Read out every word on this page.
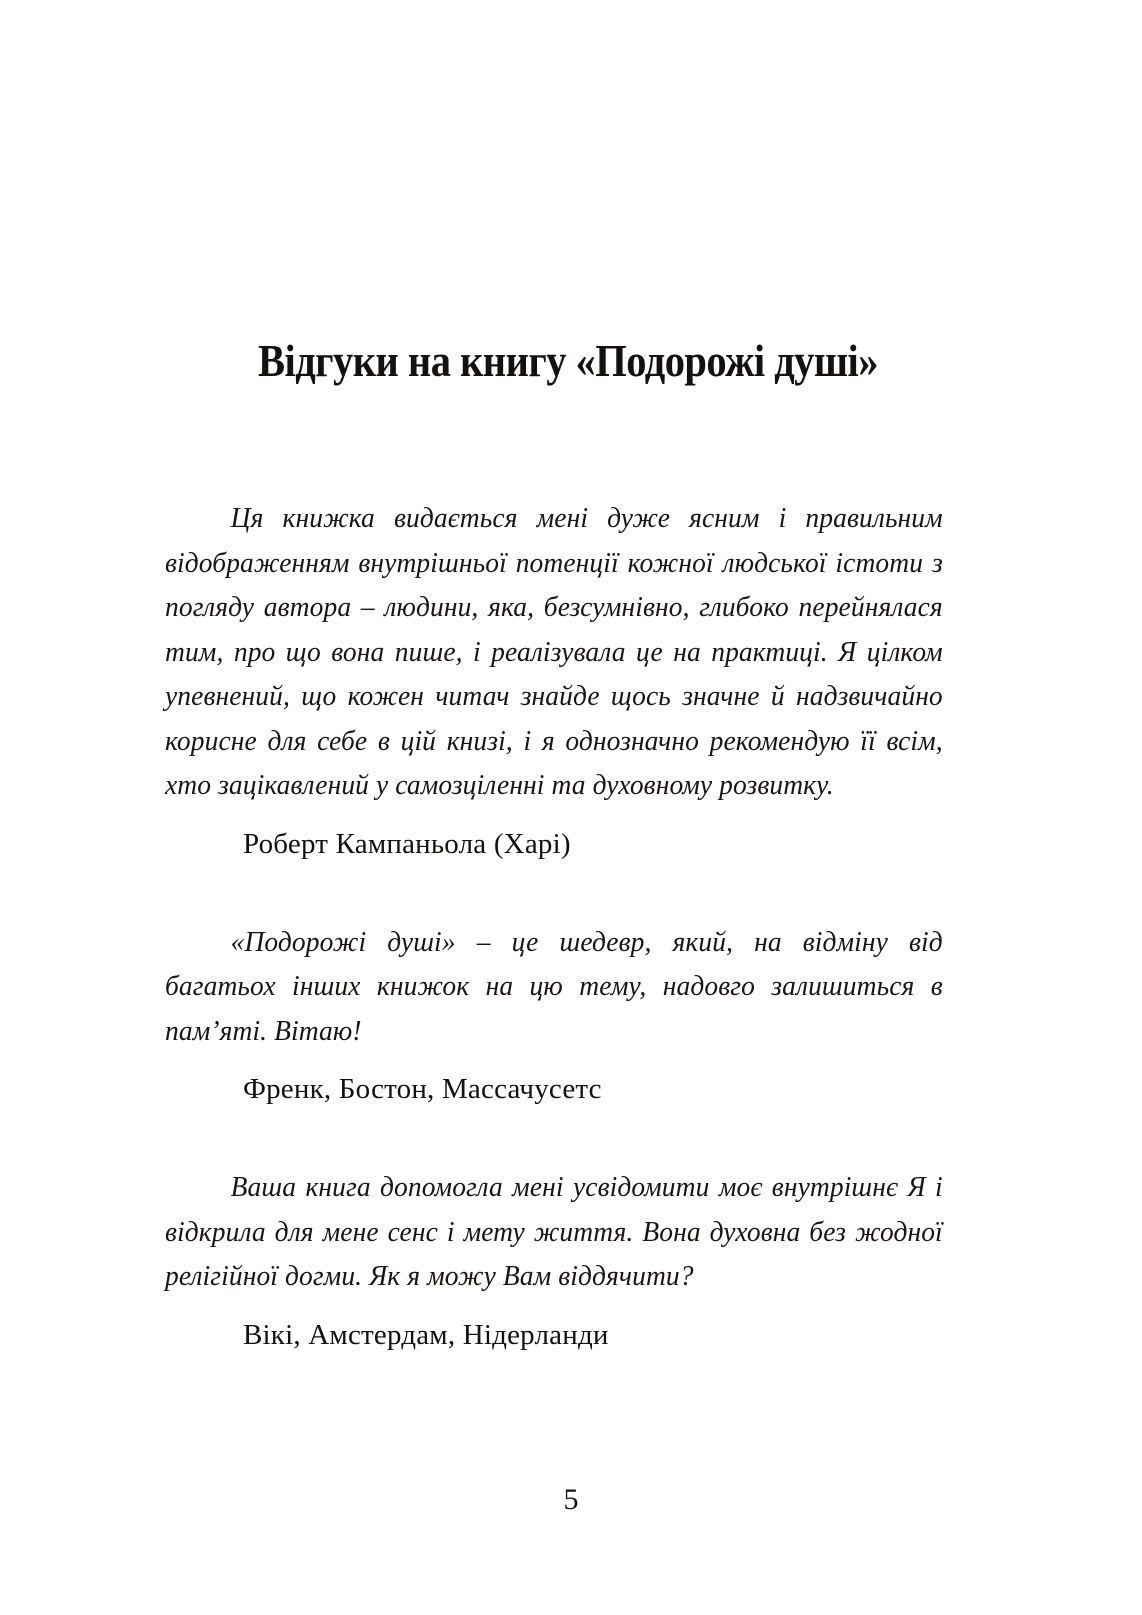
Відгуки на книгу «Подорожі душі»

Ця книжка видається мені дуже ясним і правильним відображенням внутрішньої потенції кожної людської істоти з погляду автора – людини, яка, безсумнівно, глибоко перейнялася тим, про що вона пише, і реалізувала це на практиці. Я цілком упевнений, що кожен читач знайде щось значне й надзвичайно корисне для себе в цій книзі, і я однозначно рекомендую її всім, хто зацікавлений у самозціленні та духовному розвитку.

Роберт Кампаньола (Харі)

«Подорожі душі» – це шедевр, який, на відміну від багатьох інших книжок на цю тему, надовго залишиться в пам’яті. Вітаю!

Френк, Бостон, Массачусетс

Ваша книга допомогла мені усвідомити моє внутрішнє Я і відкрила для мене сенс і мету життя. Вона духовна без жодної релігійної догми. Як я можу Вам віддячити?

Вікі, Амстердам, Нідерланди

5
